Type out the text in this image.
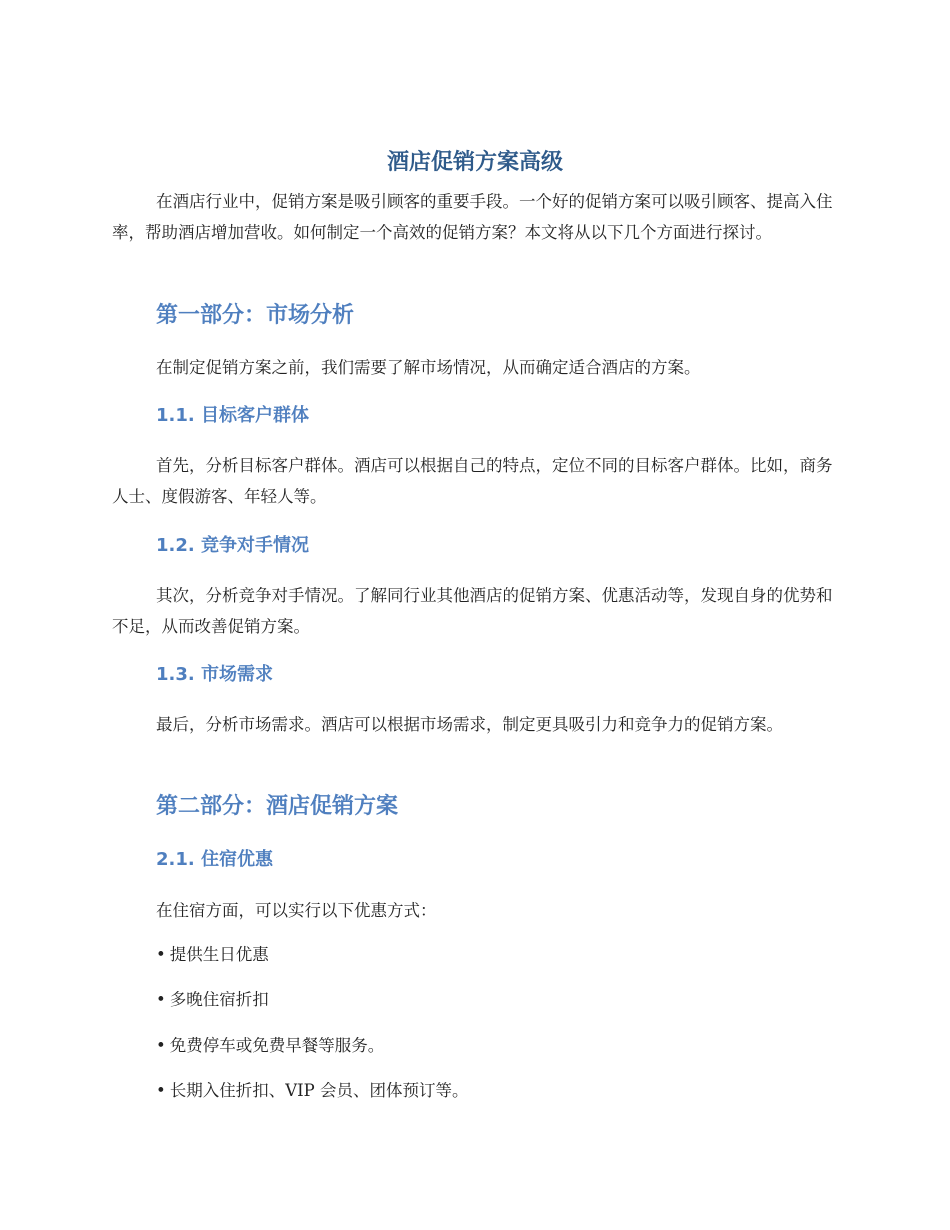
酒店促销方案高级
在酒店行业中，促销方案是吸引顾客的重要手段。一个好的促销方案可以吸引顾客、提高入住率，帮助酒店增加营收。如何制定一个高效的促销方案？本文将从以下几个方面进行探讨。
第一部分：市场分析
在制定促销方案之前，我们需要了解市场情况，从而确定适合酒店的方案。
1.1. 目标客户群体
首先，分析目标客户群体。酒店可以根据自己的特点，定位不同的目标客户群体。比如，商务人士、度假游客、年轻人等。
1.2. 竞争对手情况
其次，分析竞争对手情况。了解同行业其他酒店的促销方案、优惠活动等，发现自身的优势和不足，从而改善促销方案。
1.3. 市场需求
最后，分析市场需求。酒店可以根据市场需求，制定更具吸引力和竞争力的促销方案。
第二部分：酒店促销方案
2.1. 住宿优惠
在住宿方面，可以实行以下优惠方式：
• 提供生日优惠
• 多晚住宿折扣
• 免费停车或免费早餐等服务。
• 长期入住折扣、VIP 会员、团体预订等。
